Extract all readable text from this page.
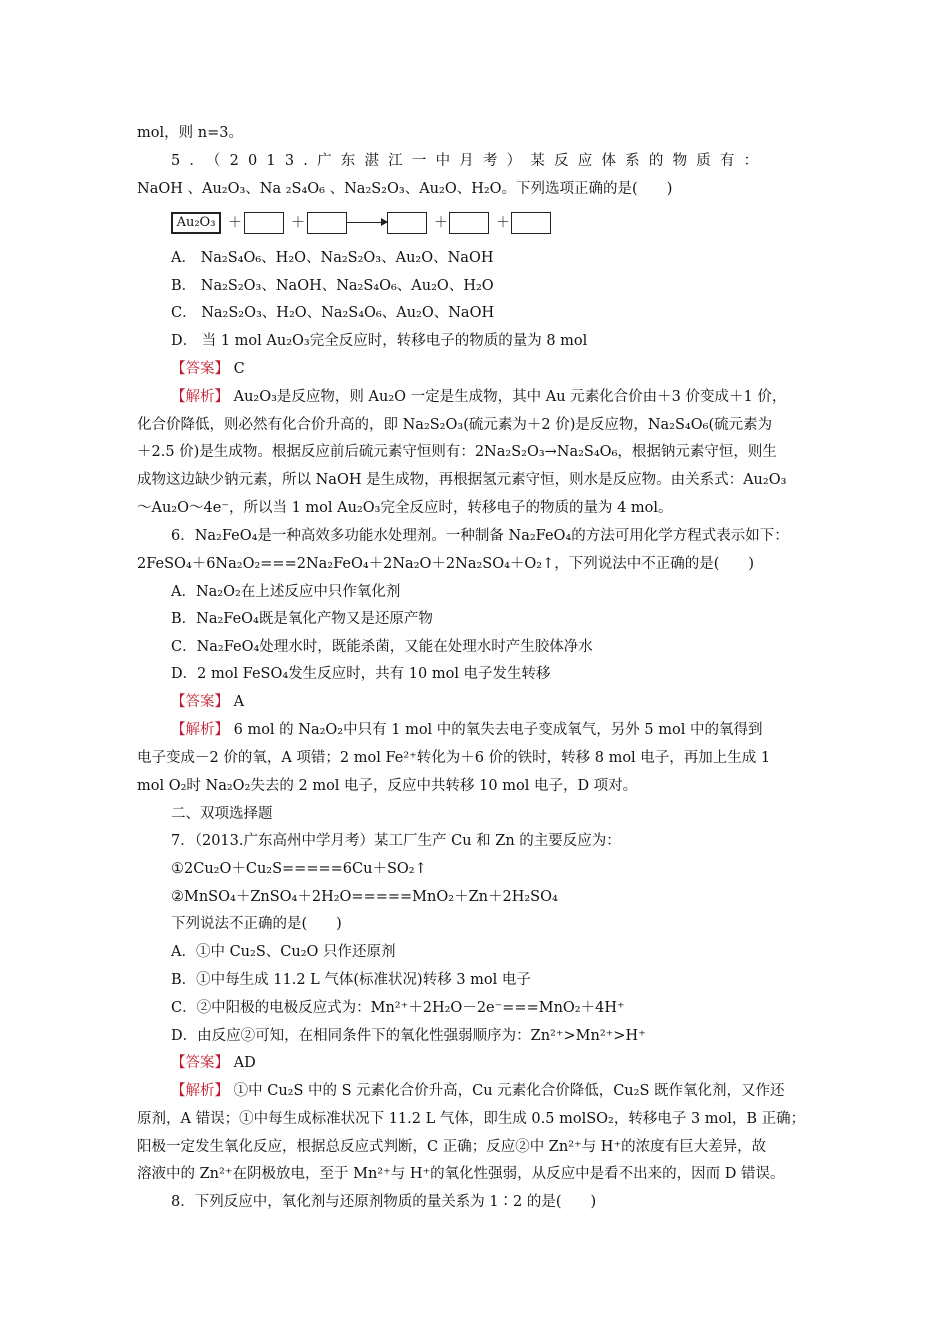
mol，则 n=3。
5．（2013.广东湛江一中月考）某反应体系的物质有：
NaOH 、Au₂O₃、Na ₂S₄O₆ 、Na₂S₂O₃、Au₂O、H₂O。下列选项正确的是(　　)
A． Na₂S₄O₆、H₂O、Na₂S₂O₃、Au₂O、NaOH
B． Na₂S₂O₃、NaOH、Na₂S₄O₆、Au₂O、H₂O
C． Na₂S₂O₃、H₂O、Na₂S₄O₆、Au₂O、NaOH
D． 当 1 mol Au₂O₃完全反应时，转移电子的物质的量为 8 mol
【答案】 C
【解析】 Au₂O₃是反应物，则 Au₂O 一定是生成物，其中 Au 元素化合价由＋3 价变成＋1 价，
化合价降低，则必然有化合价升高的，即 Na₂S₂O₃(硫元素为＋2 价)是反应物，Na₂S₄O₆(硫元素为
＋2.5 价)是生成物。根据反应前后硫元素守恒则有：2Na₂S₂O₃→Na₂S₄O₆，根据钠元素守恒，则生
成物这边缺少钠元素，所以 NaOH 是生成物，再根据氢元素守恒，则水是反应物。由关系式：Au₂O₃
～Au₂O～4e⁻，所以当 1 mol Au₂O₃完全反应时，转移电子的物质的量为 4 mol。
6．Na₂FeO₄是一种高效多功能水处理剂。一种制备 Na₂FeO₄的方法可用化学方程式表示如下：
2FeSO₄＋6Na₂O₂===2Na₂FeO₄＋2Na₂O＋2Na₂SO₄＋O₂↑，下列说法中不正确的是(　　)
A．Na₂O₂在上述反应中只作氧化剂
B．Na₂FeO₄既是氧化产物又是还原产物
C．Na₂FeO₄处理水时，既能杀菌，又能在处理水时产生胶体净水
D．2 mol FeSO₄发生反应时，共有 10 mol 电子发生转移
【答案】 A
【解析】 6 mol 的 Na₂O₂中只有 1 mol 中的氧失去电子变成氧气，另外 5 mol 中的氧得到
电子变成－2 价的氧，A 项错；2 mol Fe²⁺转化为＋6 价的铁时，转移 8 mol 电子，再加上生成 1
mol O₂时 Na₂O₂失去的 2 mol 电子，反应中共转移 10 mol 电子，D 项对。
二、双项选择题
7．（2013.广东高州中学月考）某工厂生产 Cu 和 Zn 的主要反应为：
①2Cu₂O＋Cu₂S=====6Cu＋SO₂↑
②MnSO₄＋ZnSO₄＋2H₂O=====MnO₂＋Zn＋2H₂SO₄
下列说法不正确的是(　　)
A．①中 Cu₂S、Cu₂O 只作还原剂
B．①中每生成 11.2 L 气体(标准状况)转移 3 mol 电子
C．②中阳极的电极反应式为：Mn²⁺＋2H₂O－2e⁻===MnO₂＋4H⁺
D．由反应②可知，在相同条件下的氧化性强弱顺序为：Zn²⁺>Mn²⁺>H⁺
【答案】 AD
【解析】 ①中 Cu₂S 中的 S 元素化合价升高，Cu 元素化合价降低，Cu₂S 既作氧化剂，又作还
原剂，A 错误；①中每生成标准状况下 11.2 L 气体，即生成 0.5 molSO₂，转移电子 3 mol，B 正确；
阳极一定发生氧化反应，根据总反应式判断，C 正确；反应②中 Zn²⁺与 H⁺的浓度有巨大差异，故
溶液中的 Zn²⁺在阴极放电，至于 Mn²⁺与 H⁺的氧化性强弱，从反应中是看不出来的，因而 D 错误。
8．下列反应中，氧化剂与还原剂物质的量关系为 1∶2 的是(　　)
Au₂O₃ ＋	＋	＋	＋
